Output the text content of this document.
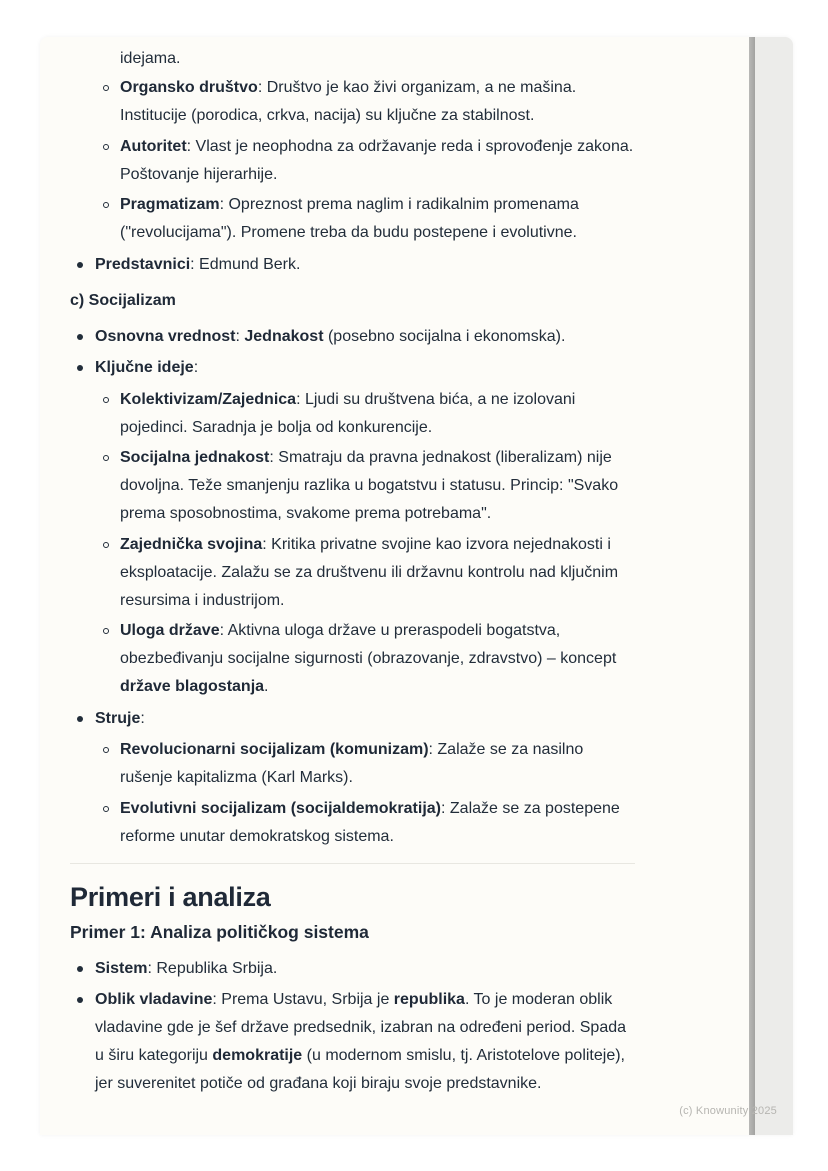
idejama.

Organsko društvo: Društvo je kao živi organizam, a ne mašina. Institucije (porodica, crkva, nacija) su ključne za stabilnost.
Autoritet: Vlast je neophodna za održavanje reda i sprovođenje zakona. Poštovanje hijerarhije.
Pragmatizam: Opreznost prema naglim i radikalnim promenama ("revolucijama"). Promene treba da budu postepene i evolutivne.
Predstavnici: Edmund Berk.

c) Socijalizam

Osnovna vrednost: Jednakost (posebno socijalna i ekonomska).
Ključne ideje:
Kolektivizam/Zajednica: Ljudi su društvena bića, a ne izolovani pojedinci. Saradnja je bolja od konkurencije.
Socijalna jednakost: Smatraju da pravna jednakost (liberalizam) nije dovoljna. Teže smanjenju razlika u bogatstvu i statusu. Princip: "Svako prema sposobnostima, svakome prema potrebama".
Zajednička svojina: Kritika privatne svojine kao izvora nejednakosti i eksploatacije. Zalažu se za društvenu ili državnu kontrolu nad ključnim resursima i industrijom.
Uloga države: Aktivna uloga države u preraspodeli bogatstva, obezbeđivanju socijalne sigurnosti (obrazovanje, zdravstvo) – koncept države blagostanja.
Struje:
Revolucionarni socijalizam (komunizam): Zalaže se za nasilno rušenje kapitalizma (Karl Marks).
Evolutivni socijalizam (socijaldemokratija): Zalaže se za postepene reforme unutar demokratskog sistema.
Primeri i analiza
Primer 1: Analiza političkog sistema
Sistem: Republika Srbija.
Oblik vladavine: Prema Ustavu, Srbija je republika. To je moderan oblik vladavine gde je šef države predsednik, izabran na određeni period. Spada u širu kategoriju demokratije (u modernom smislu, tj. Aristotelove politeje), jer suverenitet potiče od građana koji biraju svoje predstavnike.
(c) Knowunity 2025
